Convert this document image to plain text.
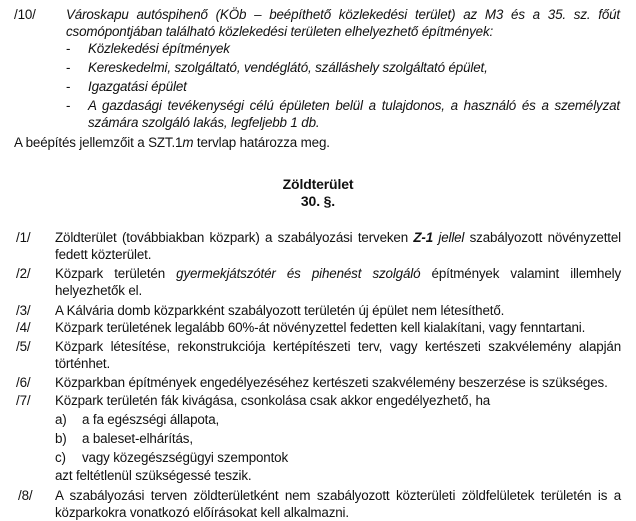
/10/ Városkapu autóspihenő (KÖb – beépíthető közlekedési terület) az M3 és a 35. sz. főút
csomópontjában található közlekedési területen elhelyezhető építmények:
- Közlekedési építmények
- Kereskedelmi, szolgáltató, vendéglátó, szálláshely szolgáltató épület,
- Igazgatási épület
- A gazdasági tevékenységi célú épületen belül a tulajdonos, a használó és a személyzat
számára szolgáló lakás, legfeljebb 1 db.
A beépítés jellemzőit a SZT.1m tervlap határozza meg.
Zöldterület
30. §.
/1/ Zöldterület (továbbiakban közpark) a szabályozási terveken Z-1 jellel szabályozott növényzettel
fedett közterület.
/2/ Közpark területén gyermekjátszótér és pihenést szolgáló építmények valamint illemhely
helyezhetők el.
/3/ A Kálvária domb közparkként szabályozott területén új épület nem létesíthető.
/4/ Közpark területének legalább 60%-át növényzettel fedetten kell kialakítani, vagy fenntartani.
/5/ Közpark létesítése, rekonstrukciója kertépítészeti terv, vagy kertészeti szakvélemény alapján
történhet.
/6/ Közparkban építmények engedélyezéséhez kertészeti szakvélemény beszerzése is szükséges.
/7/ Közpark területén fák kivágása, csonkolása csak akkor engedélyezhető, ha
a) a fa egészségi állapota,
b) a baleset-elhárítás,
c) vagy közegészségügyi szempontok
azt feltétlenül szükségessé teszik.
/8/ A szabályozási terven zöldterületként nem szabályozott közterületi zöldfelületek területén is a
közparkokra vonatkozó előírásokat kell alkalmazni.
